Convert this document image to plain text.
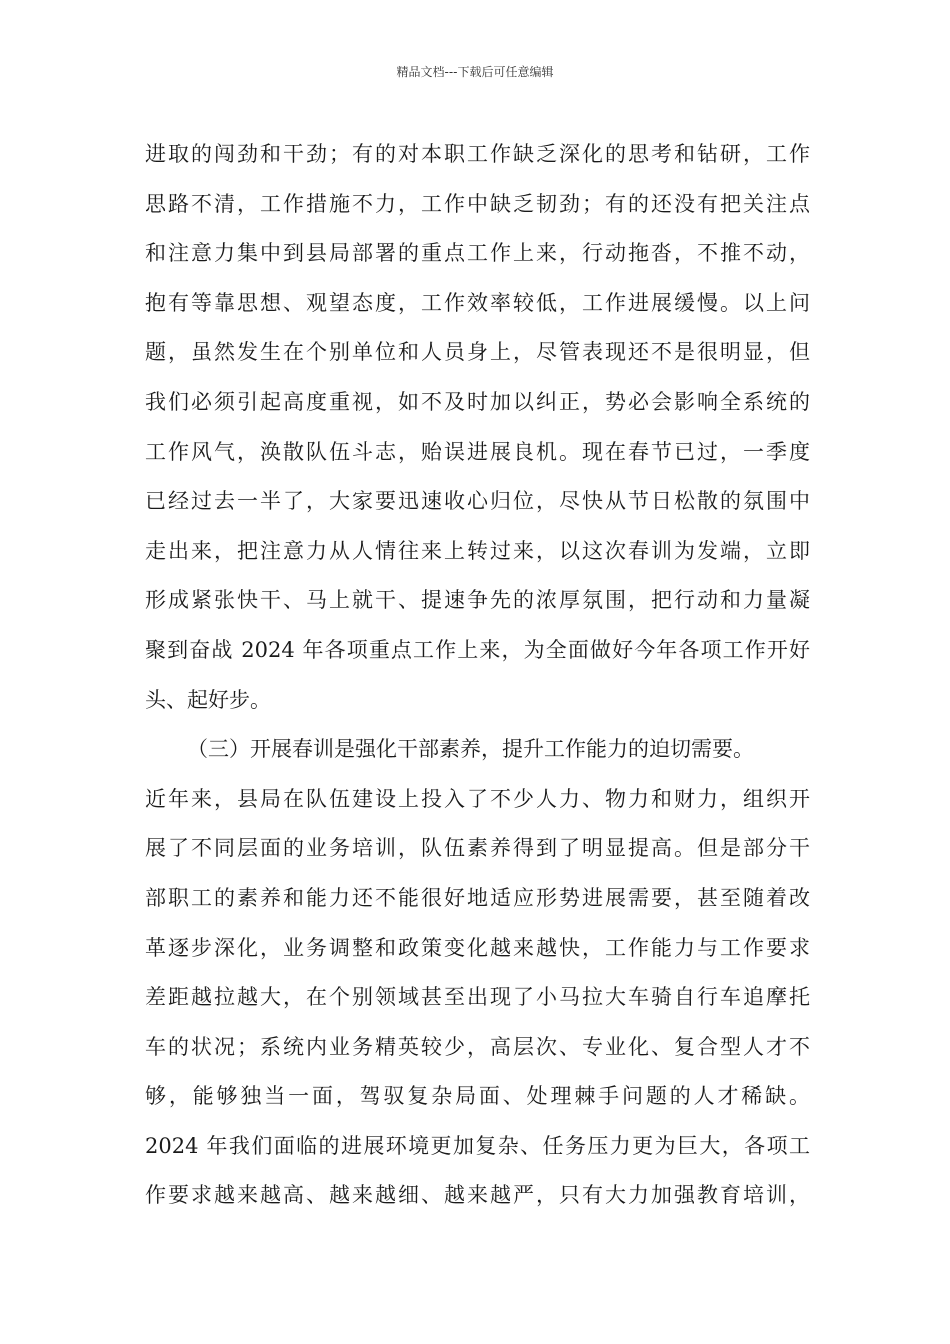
精品文档---下载后可任意编辑
进取的闯劲和干劲；有的对本职工作缺乏深化的思考和钻研，工作
思路不清，工作措施不力，工作中缺乏韧劲；有的还没有把关注点
和注意力集中到县局部署的重点工作上来，行动拖沓，不推不动，
抱有等靠思想、观望态度，工作效率较低，工作进展缓慢。以上问
题，虽然发生在个别单位和人员身上，尽管表现还不是很明显，但
我们必须引起高度重视，如不及时加以纠正，势必会影响全系统的
工作风气，涣散队伍斗志，贻误进展良机。现在春节已过，一季度
已经过去一半了，大家要迅速收心归位，尽快从节日松散的氛围中
走出来，把注意力从人情往来上转过来，以这次春训为发端，立即
形成紧张快干、马上就干、提速争先的浓厚氛围，把行动和力量凝
聚到奋战 2024 年各项重点工作上来，为全面做好今年各项工作开好
头、起好步。
（三）开展春训是强化干部素养，提升工作能力的迫切需要。
近年来，县局在队伍建设上投入了不少人力、物力和财力，组织开
展了不同层面的业务培训，队伍素养得到了明显提高。但是部分干
部职工的素养和能力还不能很好地适应形势进展需要，甚至随着改
革逐步深化，业务调整和政策变化越来越快，工作能力与工作要求
差距越拉越大，在个别领域甚至出现了小马拉大车骑自行车追摩托
车的状况；系统内业务精英较少，高层次、专业化、复合型人才不
够，能够独当一面，驾驭复杂局面、处理棘手问题的人才稀缺。
2024 年我们面临的进展环境更加复杂、任务压力更为巨大，各项工
作要求越来越高、越来越细、越来越严，只有大力加强教育培训，
